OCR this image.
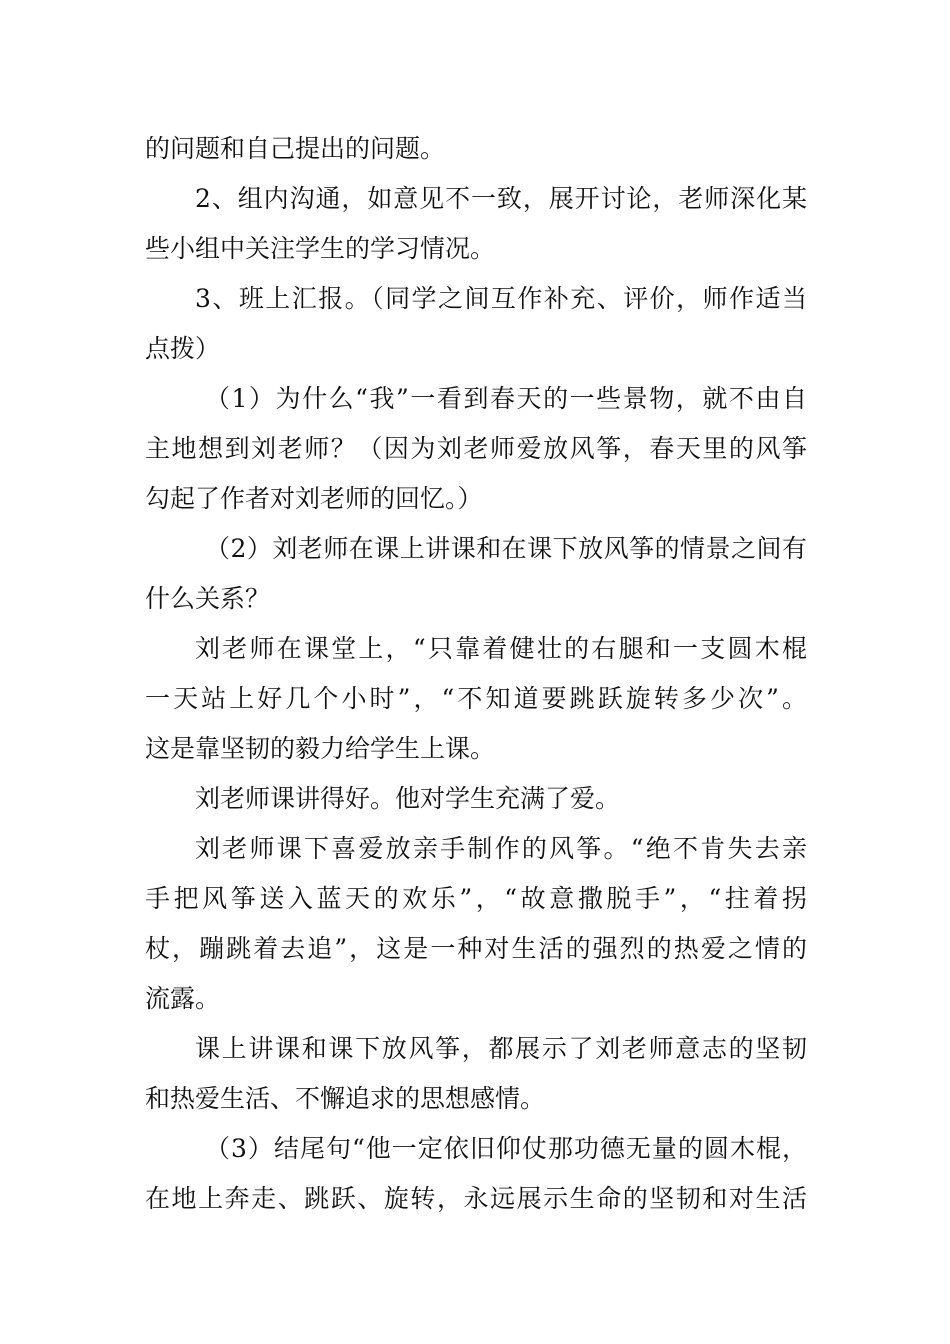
的问题和自己提出的问题。
2、组内沟通，如意见不一致，展开讨论，老师深化某
些小组中关注学生的学习情况。
3、班上汇报。（同学之间互作补充、评价，师作适当
点拨）
（1）为什么“我”一看到春天的一些景物，就不由自
主地想到刘老师？（因为刘老师爱放风筝，春天里的风筝
勾起了作者对刘老师的回忆。）
（2）刘老师在课上讲课和在课下放风筝的情景之间有
什么关系？
刘老师在课堂上，“只靠着健壮的右腿和一支圆木棍
一天站上好几个小时”，“不知道要跳跃旋转多少次”。
这是靠坚韧的毅力给学生上课。
刘老师课讲得好。他对学生充满了爱。
刘老师课下喜爱放亲手制作的风筝。“绝不肯失去亲
手把风筝送入蓝天的欢乐”，“故意撒脱手”，“拄着拐
杖，蹦跳着去追”，这是一种对生活的强烈的热爱之情的
流露。
课上讲课和课下放风筝，都展示了刘老师意志的坚韧
和热爱生活、不懈追求的思想感情。
（3）结尾句“他一定依旧仰仗那功德无量的圆木棍，
在地上奔走、跳跃、旋转，永远展示生命的坚韧和对生活
